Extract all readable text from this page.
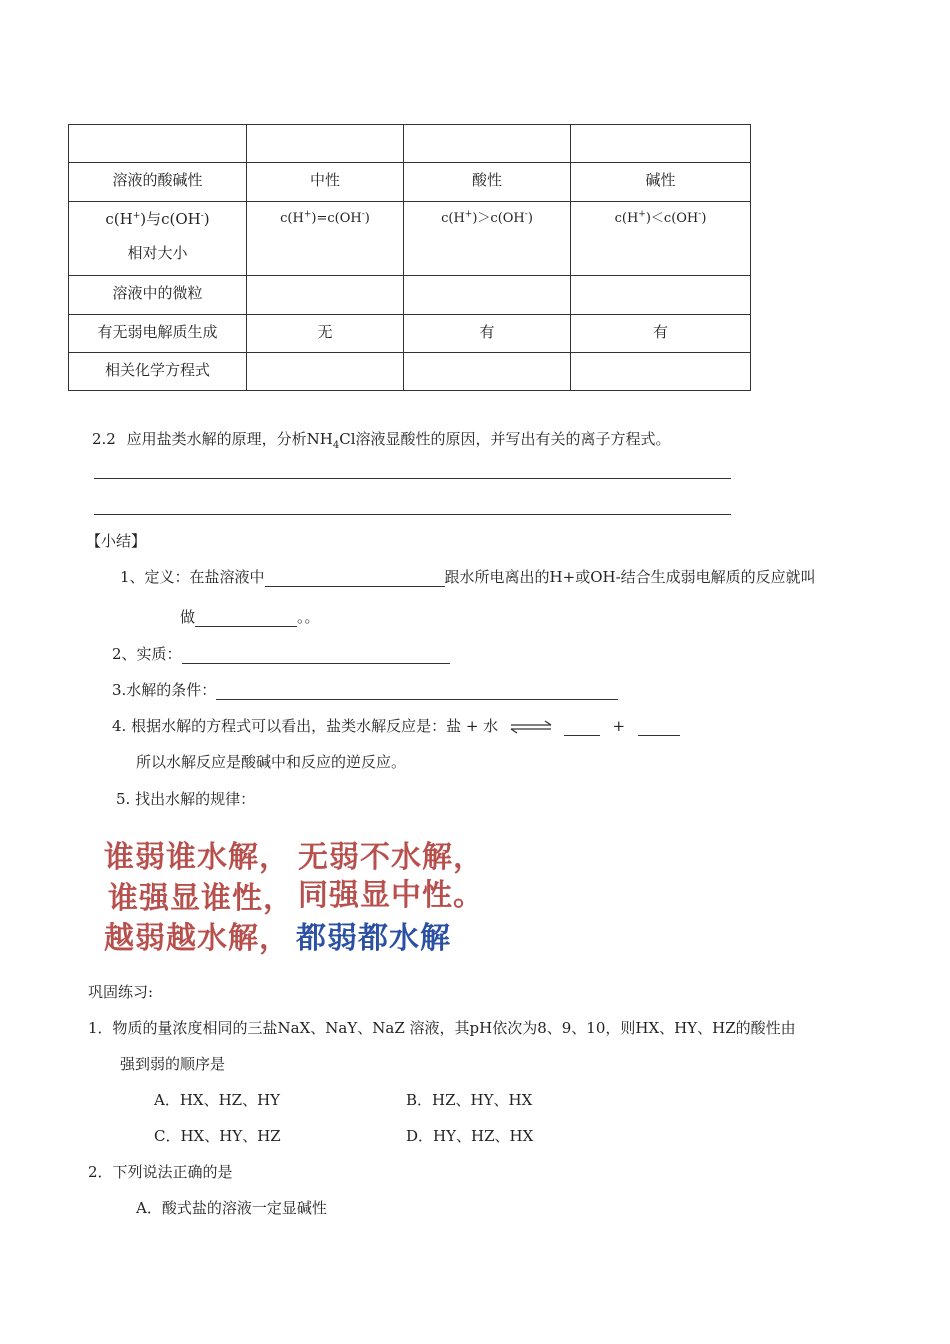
溶液的酸碱性	中性	酸性	碱性

c(H+)与c(OH-)
相对大小	c(H+)=c(OH-)	c(H+)＞c(OH-)	c(H+)＜c(OH-)
溶液中的微粒			
有无弱电解质生成	无	有	有
相关化学方程式			
2.2 应用盐类水解的原理，分析$NH_4Cl$溶液显酸性的原因，并写出有关的离子方程式。
【小结】
1、定义：在盐溶液中	跟水所电离出的H+或OH-结合生成弱电解质的反应就叫
做	。。
2、实质：
3.水解的条件：
4. 根据水解的方程式可以看出，盐类水解反应是：盐 + 水 ⇌	+
所以水解反应是酸碱中和反应的逆反应。
5. 找出水解的规律：
谁弱谁水解， 无弱不水解，
谁强显谁性， 同强显中性。
越弱越水解， 都弱都水解
巩固练习:
1．物质的量浓度相同的三盐NaX、NaY、NaZ 溶液，其pH依次为8、9、10，则HX、HY、HZ的酸性由
强到弱的顺序是
A．HX、HZ、HY	B．HZ、HY、HX
C．HX、HY、HZ	D．HY、HZ、HX
2．下列说法正确的是
A．酸式盐的溶液一定显碱性
